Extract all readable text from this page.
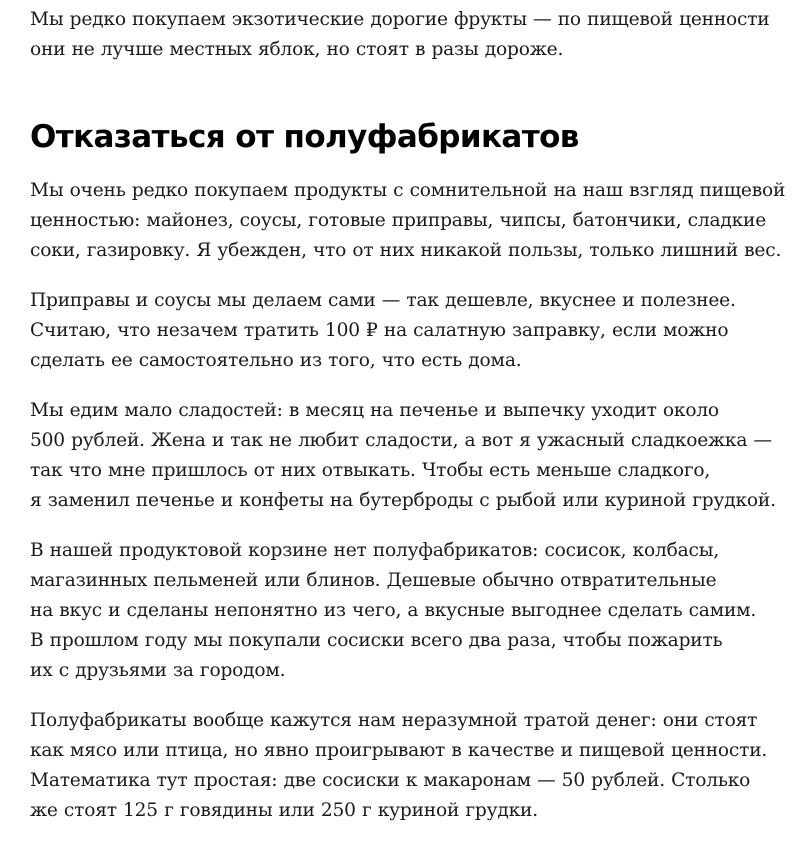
Мы редко покупаем экзотические дорогие фрукты — по пищевой ценности
они не лучше местных яблок, но стоят в разы дороже.

Отказаться от полуфабрикатов

Мы очень редко покупаем продукты с сомнительной на наш взгляд пищевой
ценностью: майонез, соусы, готовые приправы, чипсы, батончики, сладкие
соки, газировку. Я убежден, что от них никакой пользы, только лишний вес.

Приправы и соусы мы делаем сами — так дешевле, вкуснее и полезнее.
Считаю, что незачем тратить 100 ₽ на салатную заправку, если можно
сделать ее самостоятельно из того, что есть дома.

Мы едим мало сладостей: в месяц на печенье и выпечку уходит около
500 рублей. Жена и так не любит сладости, а вот я ужасный сладкоежка —
так что мне пришлось от них отвыкать. Чтобы есть меньше сладкого,
я заменил печенье и конфеты на бутерброды с рыбой или куриной грудкой.

В нашей продуктовой корзине нет полуфабрикатов: сосисок, колбасы,
магазинных пельменей или блинов. Дешевые обычно отвратительные
на вкус и сделаны непонятно из чего, а вкусные выгоднее сделать самим.
В прошлом году мы покупали сосиски всего два раза, чтобы пожарить
их с друзьями за городом.

Полуфабрикаты вообще кажутся нам неразумной тратой денег: они стоят
как мясо или птица, но явно проигрывают в качестве и пищевой ценности.
Математика тут простая: две сосиски к макаронам — 50 рублей. Столько
же стоят 125 г говядины или 250 г куриной грудки.
